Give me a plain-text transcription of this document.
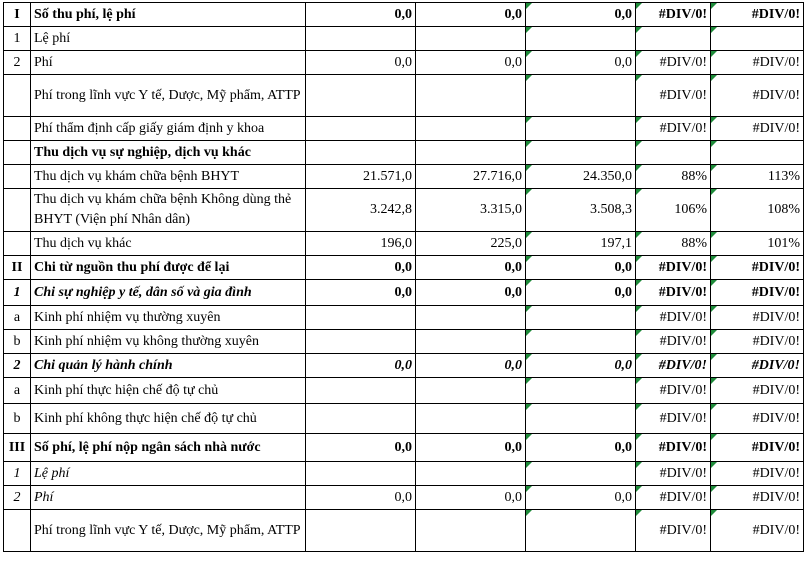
I	Số thu phí, lệ phí	0,0	0,0	0,0	#DIV/0!	#DIV/0!
1	Lệ phí					
2	Phí	0,0	0,0	0,0	#DIV/0!	#DIV/0!
	Phí trong lĩnh vực Y tế, Dược, Mỹ phẩm, ATTP				#DIV/0!	#DIV/0!
	Phí thẩm định cấp giấy giám định y khoa				#DIV/0!	#DIV/0!
	Thu dịch vụ sự nghiệp, dịch vụ khác					
	Thu dịch vụ khám chữa bệnh BHYT	21.571,0	27.716,0	24.350,0	88%	113%
	Thu dịch vụ khám chữa bệnh Không dùng thẻ BHYT (Viện phí Nhân dân)	3.242,8	3.315,0	3.508,3	106%	108%
	Thu dịch vụ khác	196,0	225,0	197,1	88%	101%
II	Chi từ nguồn thu phí được để lại	0,0	0,0	0,0	#DIV/0!	#DIV/0!
1	Chi sự nghiệp y tế, dân số và gia đình	0,0	0,0	0,0	#DIV/0!	#DIV/0!
a	Kinh phí nhiệm vụ thường xuyên				#DIV/0!	#DIV/0!
b	Kinh phí nhiệm vụ không thường xuyên				#DIV/0!	#DIV/0!
2	Chi quản lý hành chính	0,0	0,0	0,0	#DIV/0!	#DIV/0!
a	Kinh phí thực hiện chế độ tự chủ				#DIV/0!	#DIV/0!
b	Kinh phí không thực hiện chế độ tự chủ				#DIV/0!	#DIV/0!
III	Số phí, lệ phí nộp ngân sách nhà nước	0,0	0,0	0,0	#DIV/0!	#DIV/0!
1	Lệ phí				#DIV/0!	#DIV/0!
2	Phí	0,0	0,0	0,0	#DIV/0!	#DIV/0!
	Phí trong lĩnh vực Y tế, Dược, Mỹ phẩm, ATTP				#DIV/0!	#DIV/0!
